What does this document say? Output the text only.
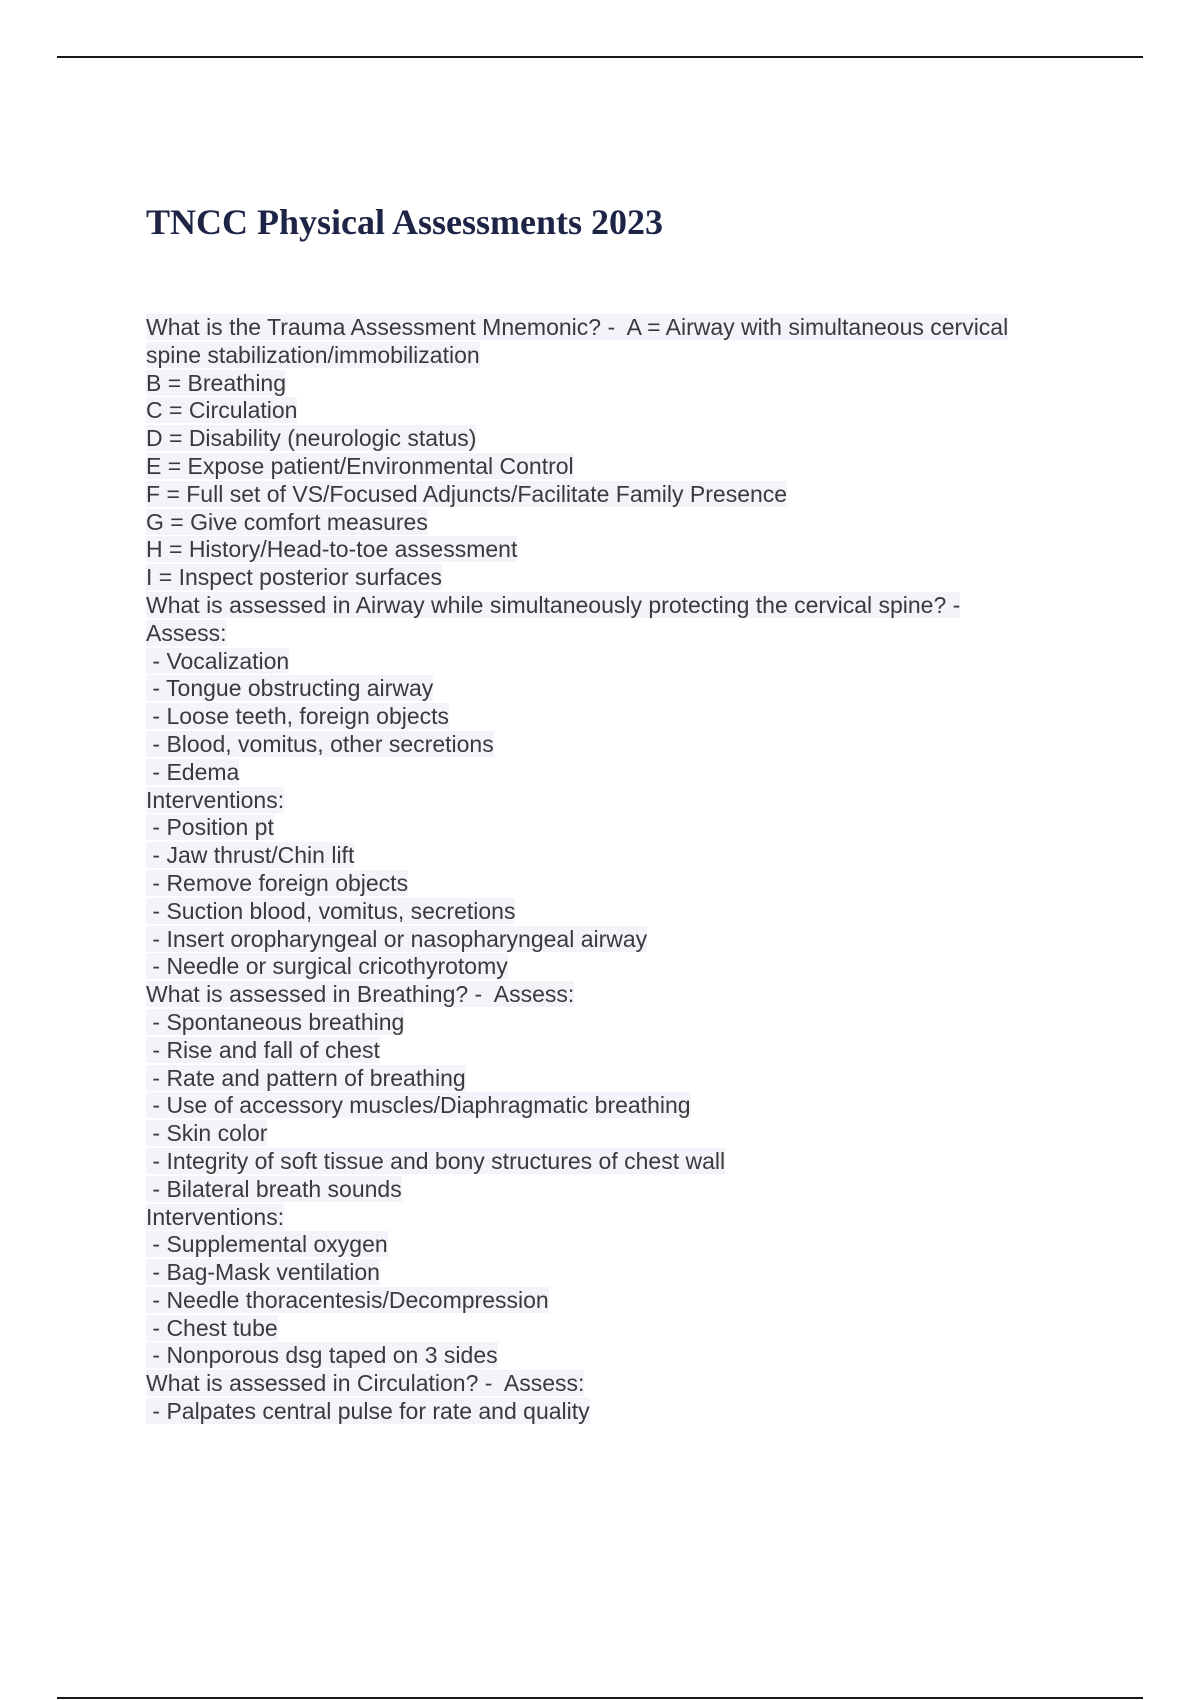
TNCC Physical Assessments 2023
What is the Trauma Assessment Mnemonic? -  A = Airway with simultaneous cervical
spine stabilization/immobilization
B = Breathing
C = Circulation
D = Disability (neurologic status)
E = Expose patient/Environmental Control
F = Full set of VS/Focused Adjuncts/Facilitate Family Presence
G = Give comfort measures
H = History/Head-to-toe assessment
I = Inspect posterior surfaces
What is assessed in Airway while simultaneously protecting the cervical spine? -
Assess:
- Vocalization
- Tongue obstructing airway
- Loose teeth, foreign objects
- Blood, vomitus, other secretions
- Edema
Interventions:
- Position pt
- Jaw thrust/Chin lift
- Remove foreign objects
- Suction blood, vomitus, secretions
- Insert oropharyngeal or nasopharyngeal airway
- Needle or surgical cricothyrotomy
What is assessed in Breathing? -  Assess:
- Spontaneous breathing
- Rise and fall of chest
- Rate and pattern of breathing
- Use of accessory muscles/Diaphragmatic breathing
- Skin color
- Integrity of soft tissue and bony structures of chest wall
- Bilateral breath sounds
Interventions:
- Supplemental oxygen
- Bag-Mask ventilation
- Needle thoracentesis/Decompression
- Chest tube
- Nonporous dsg taped on 3 sides
What is assessed in Circulation? -  Assess:
- Palpates central pulse for rate and quality
